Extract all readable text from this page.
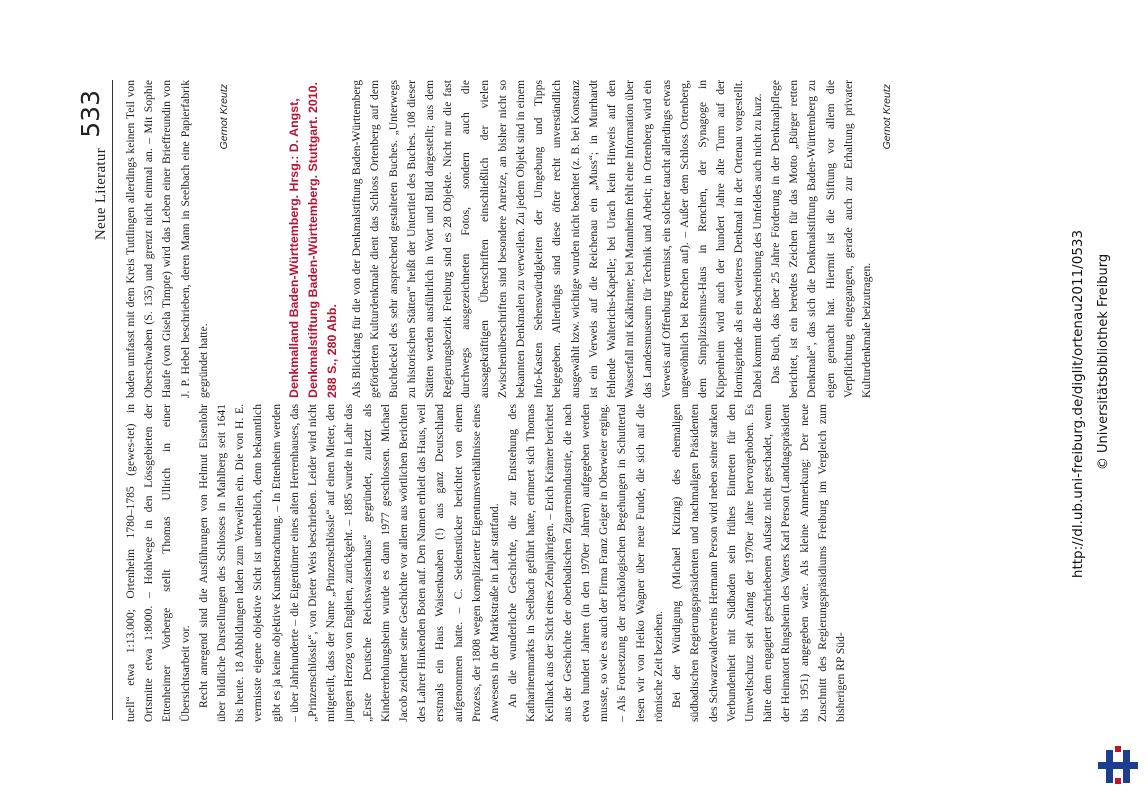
Neue Literatur
533

tuell“ etwa 1:13.000; Ortenheim 1780–1785 (gewes-tet) in Ortsmitte etwa 1:8000. – Hohlwege in den Lössgebieten der Ettenheimer Vorberge stellt Thomas Ullrich in einer Übersichtsarbeit vor. Recht anregend sind die Ausführungen von Helmut Eisenlohr über bildliche Darstellungen des Schlosses in Mahlberg seit 1641 bis heute. 18 Abbildungen laden zum Verweilen ein. Die von H. E. vermisste eigene objektive Sicht ist unerheblich, denn bekanntlich gibt es ja keine objektive Kunstbetrachtung. – In Ettenheim werden – über Jahrhunderte – die Eigentümer eines alten Herrenhauses, das „Prinzenschlössle“, von Dieter Weis beschrieben. Leider wird nicht mitgeteilt, dass der Name „Prinzenschlössle“ auf einen Mieter, den jungen Herzog von Enghien, zurückgeht. – 1885 wurde in Lahr das „Erste Deutsche Reichswaisenhaus“ gegründet, zuletzt als Kindererholungsheim wurde es dann 1977 geschlossen. Michael Jacob zeichnet seine Geschichte vor allem aus wörtlichen Berichten des Lahrer Hinkenden Boten auf. Den Namen erhielt das Haus, weil erstmals ein Haus Waisenknaben (!) aus ganz Deutschland aufgenommen hatte. – C. Seidenstücker berichtet von einem Prozess, der 1808 wegen komplizierter Eigentumsverhältnisse eines Anwesens in der Marktstraße in Lahr stattfand. An die wunderliche Geschichte, die zur Entstehung des Katharinenmarkts in Seelbach geführt hatte, erinnert sich Thomas Keilhack aus der Sicht eines Zehnjährigen. – Erich Krämer berichtet aus der Geschichte der oberbadischen Zigarrenindustrie, die nach etwa hundert Jahren (in den 1970er Jahren) aufgegeben werden musste, so wie es auch der Firma Franz Geiger in Oberweier erging. – Als Fortsetzung der archäologischen Begehungen in Schuttertal lesen wir von Heiko Wagner über neue Funde, die sich auf die römische Zeit beziehen. Bei der Würdigung (Michael Kitzing) des ehemaligen südbadischen Regierungspräsidenten und nachmaligen Präsidenten des Schwarzwaldvereins Hermann Person wird neben seiner starken Verbundenheit mit Südbaden sein frühes Eintreten für den Umweltschutz seit Anfang der 1970er Jahre hervorgehoben. Es hätte dem engagiert geschriebenen Aufsatz nicht geschadet, wenn der Heimatort Ringsheim des Vaters Karl Person (Landtagspräsident bis 1951) angegeben wäre. Als kleine Anmerkung: Der neue Zuschnitt des Regierungspräsidiums Freiburg im Vergleich zum bisherigen RP Süd-

baden umfasst mit dem Kreis Tuttlingen allerdings keinen Teil von Oberschwaben (S. 135) und grenzt nicht einmal an. – Mit Sophie Haufe (von Gisela Timpte) wird das Leben einer Brieffreundin von J. P. Hebel beschrieben, deren Mann in Seelbach eine Papierfabrik gegründet hatte.

Gernot Kreutz	Denkmalland Baden-Württemberg. Hrsg.: D. Angst, Denkmalstiftung Baden-Württemberg. Stuttgart. 2010. 288 S., 280 Abb. Als Blickfang für die von der Denkmalstiftung Baden-Württemberg geförderten Kulturdenkmale dient das Schloss Ortenberg auf dem Buchdeckel des sehr ansprechend gestalteten Buches. „Unterwegs zu historischen Stätten“ heißt der Untertitel des Buches. 108 dieser Stätten werden ausführlich in Wort und Bild dargestellt; aus dem Regierungsbezirk Freiburg sind es 28 Objekte. Nicht nur die fast durchwegs ausgezeichneten Fotos, sondern auch die aussagekräftigen Überschriften einschließlich der vielen Zwischenüberschriften sind besondere Anreize, an bisher nicht so bekannten Denkmalen zu verweilen. Zu jedem Objekt sind in einem Info-Kasten Sehenswürdigkeiten der Umgebung und Tipps beigegeben. Allerdings sind diese öfter recht unverständlich ausgewählt bzw. wichtige wurden nicht beachtet (z. B. bei Konstanz ist ein Verweis auf die Reichenau ein „Muss“; in Murrhardt fehlende Walterichs-Kapelle; bei Urach kein Hinweis auf den Wasserfall mit Kalkrinne; bei Mannheim fehlt eine Information über das Landesmuseum für Technik und Arbeit; in Ortenberg wird ein Verweis auf Offenburg vermisst, ein solcher taucht allerdings etwas ungewöhnlich bei Renchen auf). – Außer dem Schloss Ortenberg, dem Simplizissimus-Haus in Renchen, der Synagoge in Kippenheim wird auch der hundert Jahre alte Turm auf der Hornisgrinde als ein weiteres Denkmal in der Ortenau vorgestellt. Dabei kommt die Beschreibung des Umfeldes auch nicht zu kurz. Das Buch, das über 25 Jahre Förderung in der Denkmalpflege berichtet, ist ein beredtes Zeichen für das Motto „Bürger retten Denkmale“, das sich die Denkmalstiftung Baden-Württemberg zu eigen gemacht hat. Hiermit ist die Stiftung vor allem die Verpflichtung eingegangen, gerade auch zur Erhaltung privater Kulturdenkmale beizutragen.

Gernot Kreutz
http://dl.ub.uni-freiburg.de/diglit/ortenau2011/0533 © Universitätsbibliothek Freiburg
